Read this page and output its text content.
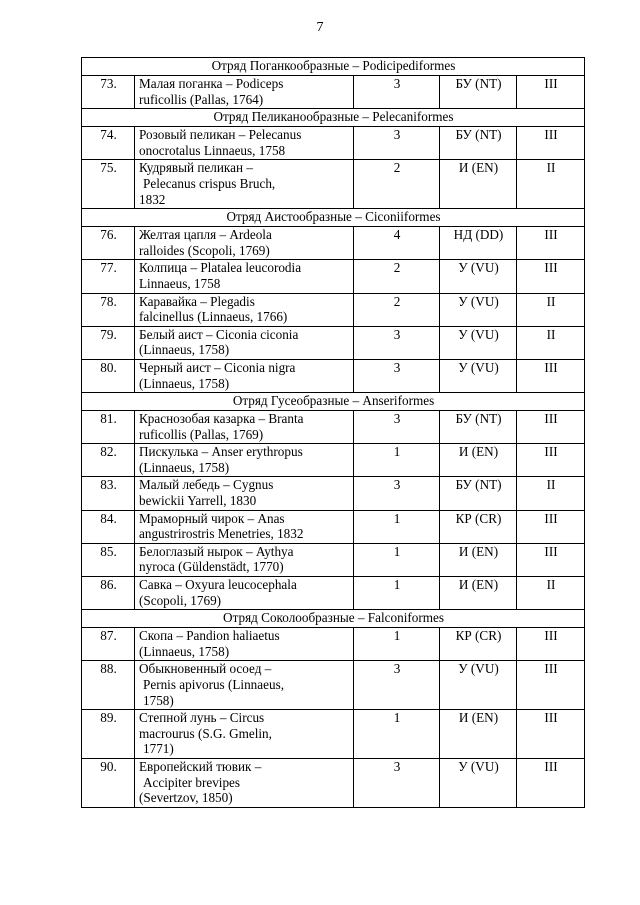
7
Отряд Поганкообразные – Podicipediformes				
73.	Малая поганка – Podiceps
ruficollis (Pallas, 1764)	3	БУ (NT)	III
Отряд Пеликанообразные – Pelecaniformes				
74.	Розовый пеликан – Pelecanus
onocrotalus Linnaeus, 1758	3	БУ (NT)	III
75.	Кудрявый пеликан –
Pelecanus crispus Bruch,
1832	2	И (EN)	II
Отряд Аистообразные – Ciconiiformes				
76.	Желтая цапля – Ardeola
ralloides (Scopoli, 1769)	4	НД (DD)	III
77.	Колпица – Platalea leucorodia
Linnaeus, 1758	2	У (VU)	III
78.	Каравайка – Plegadis
falcinellus (Linnaeus, 1766)	2	У (VU)	II
79.	Белый аист – Ciconia ciconia
(Linnaeus, 1758)	3	У (VU)	II
80.	Черный аист – Ciconia nigra
(Linnaeus, 1758)	3	У (VU)	III
Отряд Гусеобразные – Anseriformes				
81.	Краснозобая казарка – Branta
ruficollis (Pallas, 1769)	3	БУ (NT)	III
82.	Пискулька – Anser erythropus
(Linnaeus, 1758)	1	И (EN)	III
83.	Малый лебедь – Cygnus
bewickii Yarrell, 1830	3	БУ (NT)	II
84.	Мраморный чирок – Anas
angustrirostris Menetries, 1832	1	КР (CR)	III
85.	Белоглазый нырок – Aythya
nyroca (Güldenstädt, 1770)	1	И (EN)	III
86.	Савка – Oxyura leucocephala
(Scopoli, 1769)	1	И (EN)	II
Отряд Соколообразные – Falconiformes				
87.	Скопа – Pandion haliaetus
(Linnaeus, 1758)	1	КР (CR)	III
88.	Обыкновенный осоед –
Pernis apivorus (Linnaeus,
1758)	3	У (VU)	III
89.	Степной лунь – Circus
macrourus (S.G. Gmelin,
1771)	1	И (EN)	III
90.	Европейский тювик –
Accipiter brevipes
(Severtzov, 1850)	3	У (VU)	III
